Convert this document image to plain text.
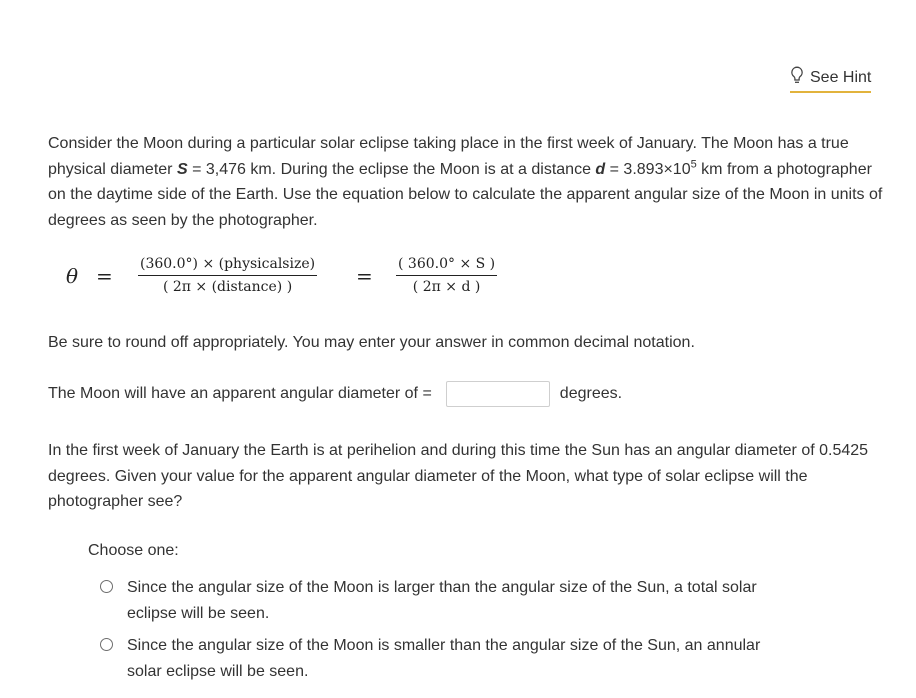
See Hint
Consider the Moon during a particular solar eclipse taking place in the first week of January. The Moon has a true physical diameter S = 3,476 km. During the eclipse the Moon is at a distance $d = 3.893\times 10^5$ km from a photographer on the daytime side of the Earth. Use the equation below to calculate the apparent angular size of the Moon in units of degrees as seen by the photographer.
θ = (360.0°) × (physicalsize)
( 2π × (distance) )	= $\frac{( 360.0^\circ \times S )}{( 2\pi \times d )}$
Be sure to round off appropriately. You may enter your answer in common decimal notation.
The Moon will have an apparent angular diameter of =	degrees.
In the first week of January the Earth is at perihelion and during this time the Sun has an angular diameter of 0.5425 degrees. Given your value for the apparent angular diameter of the Moon, what type of solar eclipse will the photographer see?
Choose one:
Since the angular size of the Moon is larger than the angular size of the Sun, a total solar eclipse will be seen.
Since the angular size of the Moon is smaller than the angular size of the Sun, an annular solar eclipse will be seen.
